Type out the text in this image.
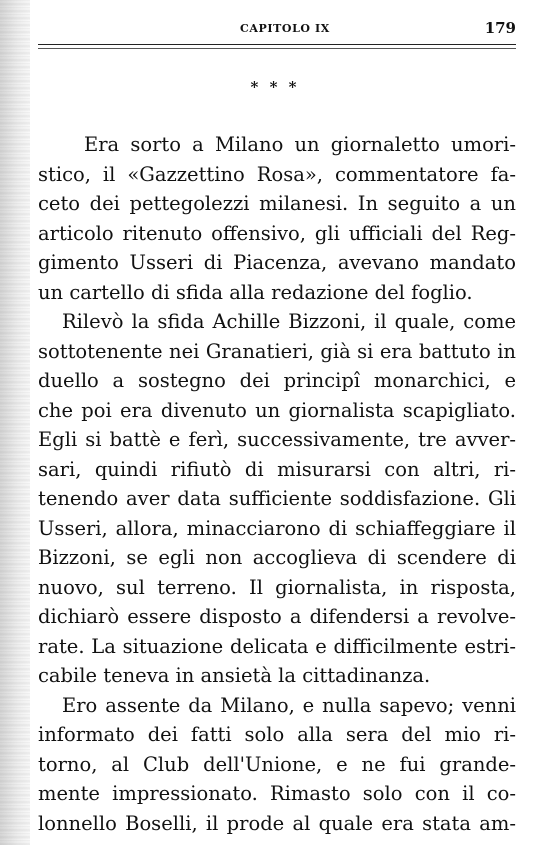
CAPITOLO IX	179
* * *
Era sorto a Milano un giornaletto umori-
stico, il «Gazzettino Rosa», commentatore fa-
ceto dei pettegolezzi milanesi. In seguito a un
articolo ritenuto offensivo, gli ufficiali del Reg-
gimento Usseri di Piacenza, avevano mandato
un cartello di sfida alla redazione del foglio.
Rilevò la sfida Achille Bizzoni, il quale, come
sottotenente nei Granatieri, già si era battuto in
duello a sostegno dei principî monarchici, e
che poi era divenuto un giornalista scapigliato.
Egli si battè e ferì, successivamente, tre avver-
sari, quindi rifiutò di misurarsi con altri, ri-
tenendo aver data sufficiente soddisfazione. Gli
Usseri, allora, minacciarono di schiaffeggiare il
Bizzoni, se egli non accoglieva di scendere di
nuovo, sul terreno. Il giornalista, in risposta,
dichiarò essere disposto a difendersi a revolve-
rate. La situazione delicata e difficilmente estri-
cabile teneva in ansietà la cittadinanza.
Ero assente da Milano, e nulla sapevo; venni
informato dei fatti solo alla sera del mio ri-
torno, al Club dell'Unione, e ne fui grande-
mente impressionato. Rimasto solo con il co-
lonnello Boselli, il prode al quale era stata am-
